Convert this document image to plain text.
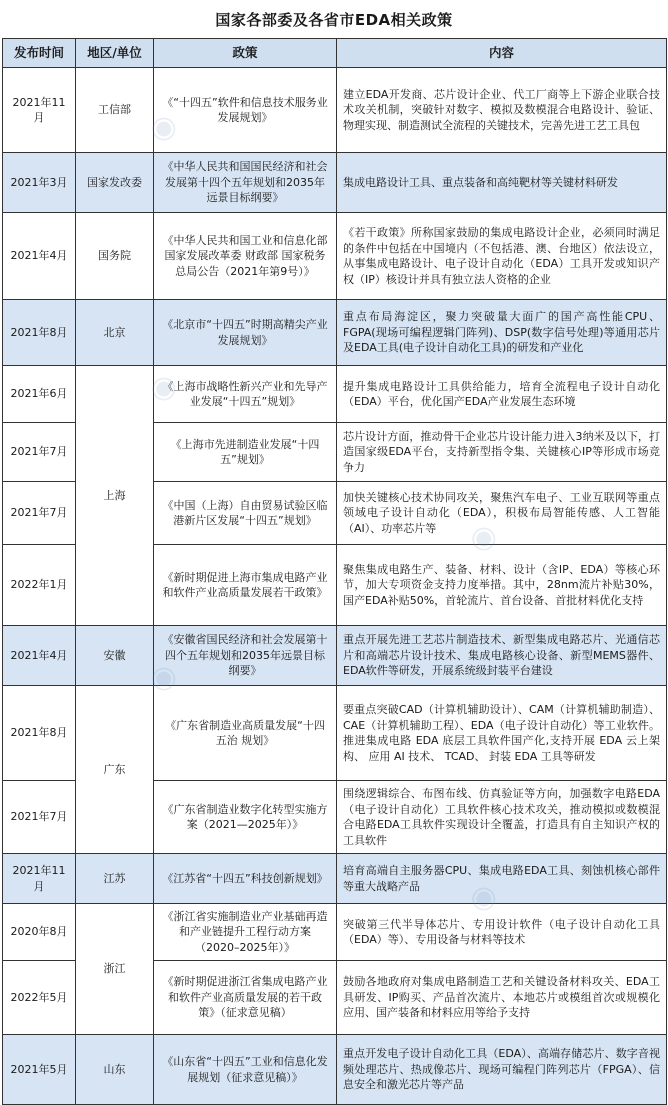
国家各部委及各省市EDA相关政策
发布时间	地区/单位	政策	内容
2021年11月	工信部	《“十四五”软件和信息技术服务业发展规划》	建立EDA开发商、芯片设计企业、代工厂商等上下游企业联合技术攻关机制，突破针对数字、模拟及数模混合电路设计、验证、物理实现、制造测试全流程的关键技术，完善先进工艺工具包
2021年3月	国家发改委	《中华人民共和国国民经济和社会发展第十四个五年规划和2035年远景目标纲要》	集成电路设计工具、重点装备和高纯靶材等关键材料研发
2021年4月	国务院	《中华人民共和国工业和信息化部 国家发展改革委 财政部 国家税务总局公告（2021年第9号）》	《若干政策》所称国家鼓励的集成电路设计企业，必须同时满足的条件中包括在中国境内（不包括港、澳、台地区）依法设立，从事集成电路设计、电子设计自动化（EDA）工具开发或知识产权（IP）核设计并具有独立法人资格的企业
2021年8月	北京	《北京市“十四五”时期高精尖产业发展规划》	重点布局海淀区，聚力突破量大面广的国产高性能CPU、FGPA(现场可编程逻辑门阵列)、DSP(数字信号处理)等通用芯片及EDA工具(电子设计自动化工具)的研发和产业化
2021年6月	上海	《上海市战略性新兴产业和先导产业发展“十四五”规划》	提升集成电路设计工具供给能力，培育全流程电子设计自动化（EDA）平台，优化国产EDA产业发展生态环境
2021年7月		《上海市先进制造业发展“十四五”规划》	芯片设计方面，推动骨干企业芯片设计能力进入3纳米及以下，打造国家级EDA平台，支持新型指令集、关键核心IP等形成市场竞争力
2021年7月		《中国（上海）自由贸易试验区临港新片区发展“十四五”规划》	加快关键核心技术协同攻关，聚焦汽车电子、工业互联网等重点领域电子设计自动化（EDA），积极布局智能传感、人工智能（AI）、功率芯片等
2022年1月		《新时期促进上海市集成电路产业和软件产业高质量发展若干政策》	聚焦集成电路生产、装备、材料、设计（含IP、EDA）等核心环节，加大专项资金支持力度举措。其中，28nm流片补贴30%，国产EDA补贴50%，首轮流片、首台设备、首批材料优化支持
2021年4月	安徽	《安徽省国民经济和社会发展第十四个五年规划和2035年远景目标纲要》	重点开展先进工艺芯片制造技术、新型集成电路芯片、光通信芯片和高端芯片设计技术、集成电路核心设备、新型MEMS器件、EDA软件等研发，开展系统级封装平台建设
2021年8月	广东	《广东省制造业高质量发展“十四五治 规划》	要重点突破CAD（计算机辅助设计）、CAM（计算机辅助制造）、CAE（计算机辅助工程）、EDA（电子设计自动化）等工业软件。推进集成电路 EDA 底层工具软件国产化,支持开展 EDA 云上架构、 应用 AI 技术、 TCAD、 封装 EDA 工具等研发
2021年7月		《广东省制造业数字化转型实施方案（2021—2025年）》	围绕逻辑综合、布图布线、仿真验证等方向，加强数字电路EDA（电子设计自动化）工具软件核心技术攻关，推动模拟或数模混合电路EDA工具软件实现设计全覆盖，打造具有自主知识产权的工具软件
2021年11月	江苏	《江苏省“十四五”科技创新规划》	培育高端自主服务器CPU、集成电路EDA工具、刻蚀机核心部件等重大战略产品
2020年8月	浙江	《浙江省实施制造业产业基础再造和产业链提升工程行动方案（2020–2025年）》	突破第三代半导体芯片、专用设计软件（电子设计自动化工具（EDA）等）、专用设备与材料等技术
2022年5月		《新时期促进浙江省集成电路产业和软件产业高质量发展的若干政策》（征求意见稿）	鼓励各地政府对集成电路制造工艺和关键设备材料攻关、EDA工具研发、IP购买、产品首次流片、本地芯片或模组首次或规模化应用、国产装备和材料应用等给予支持
2021年5月	山东	《山东省“十四五”工业和信息化发展规划（征求意见稿）》	重点开发电子设计自动化工具（EDA）、高端存储芯片、数字音视频处理芯片、热成像芯片、现场可编程门阵列芯片（FPGA）、信息安全和激光芯片等产品
◉
◉
◉
